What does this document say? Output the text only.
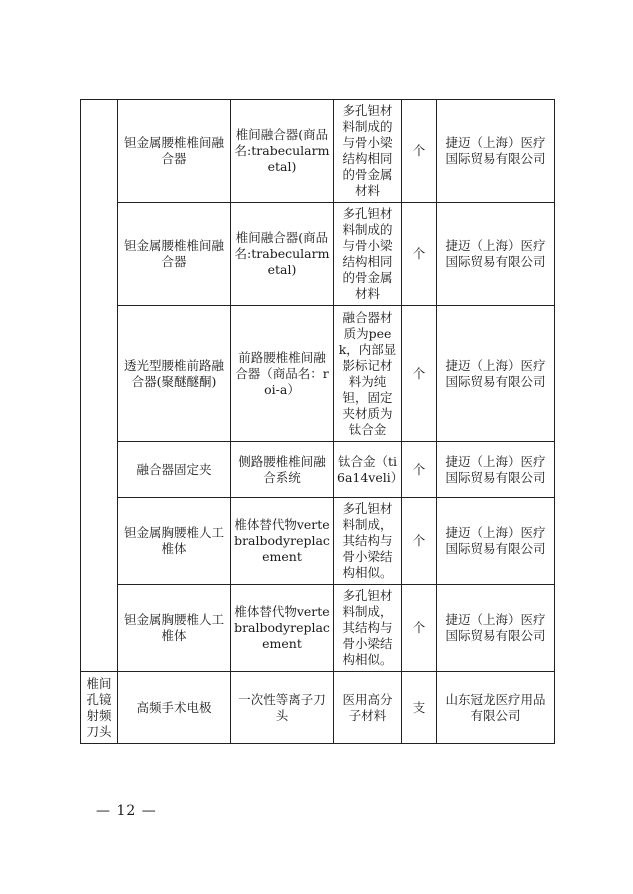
	钽金属腰椎椎间融合器	椎间融合器(商品名:trabecularmetal)	多孔钽材料制成的与骨小梁结构相同的骨金属材料	个	捷迈（上海）医疗国际贸易有限公司
	钽金属腰椎椎间融合器	椎间融合器(商品名:trabecularmetal)	多孔钽材料制成的与骨小梁结构相同的骨金属材料	个	捷迈（上海）医疗国际贸易有限公司
	透光型腰椎前路融合器(聚醚醚酮)	前路腰椎椎间融合器（商品名：roi-a）	融合器材质为peek，内部显影标记材料为纯钽，固定夹材质为钛合金	个	捷迈（上海）医疗国际贸易有限公司
	融合器固定夹	侧路腰椎椎间融合系统	钛合金（ti6a14veli）	个	捷迈（上海）医疗国际贸易有限公司
	钽金属胸腰椎人工椎体	椎体替代物vertebralbodyreplacement	多孔钽材料制成，其结构与骨小梁结构相似。	个	捷迈（上海）医疗国际贸易有限公司
	钽金属胸腰椎人工椎体	椎体替代物vertebralbodyreplacement	多孔钽材料制成，其结构与骨小梁结构相似。	个	捷迈（上海）医疗国际贸易有限公司
椎间孔镜射频刀头	高频手术电极	一次性等离子刀头	医用高分子材料	支	山东冠龙医疗用品有限公司
— 12 —
